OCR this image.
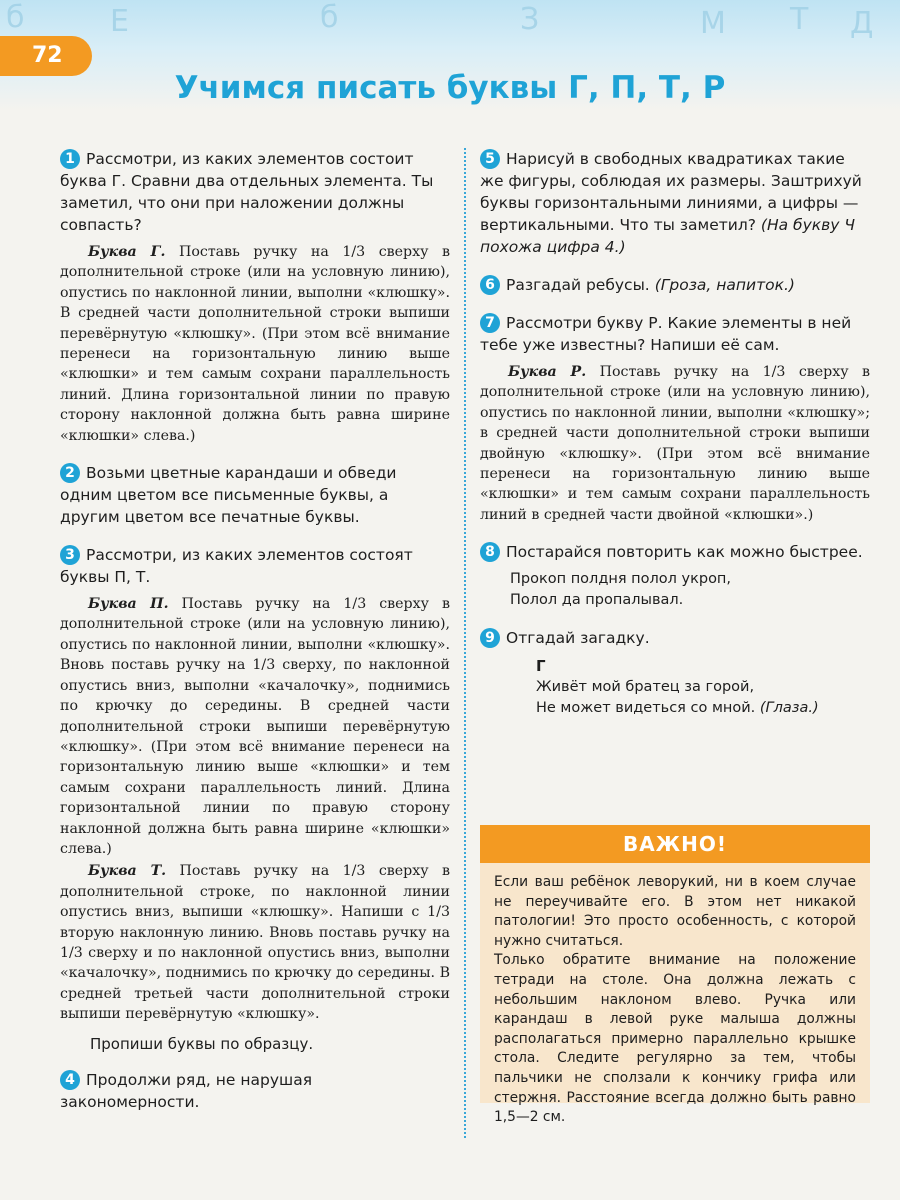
б	Е	б	З	М Т Д
72
Учимся писать буквы Г, П, Т, Р
1 Рассмотри, из каких элементов состоит буква Г. Сравни два отдельных элемента. Ты заметил, что они при наложении должны совпасть?

Буква Г. Поставь ручку на 1/3 сверху в дополнительной строке (или на условную линию), опустись по наклонной линии, выполни «клюшку». В средней части дополнительной строки выпиши перевёрнутую «клюшку». (При этом всё внимание перенеси на горизонтальную линию выше «клюшки» и тем самым сохрани параллельность линий. Длина горизонтальной линии по правую сторону наклонной должна быть равна ширине «клюшки» слева.)

2 Возьми цветные карандаши и обведи одним цветом все письменные буквы, а другим цветом все печатные буквы.
3 Рассмотри, из каких элементов состоят буквы П, Т.

Буква П. Поставь ручку на 1/3 сверху в дополнительной строке (или на условную линию), опустись по наклонной линии, выполни «клюшку». Вновь поставь ручку на 1/3 сверху, по наклонной опустись вниз, выполни «качалочку», поднимись по крючку до середины. В средней части дополнительной строки выпиши перевёрнутую «клюшку». (При этом всё внимание перенеси на горизонтальную линию выше «клюшки» и тем самым сохрани параллельность линий. Длина горизонтальной линии по правую сторону наклонной должна быть равна ширине «клюшки» слева.)

Буква Т. Поставь ручку на 1/3 сверху в дополнительной строке, по наклонной линии опустись вниз, выпиши «клюшку». Напиши с 1/3 вторую наклонную линию. Вновь поставь ручку на 1/3 сверху и по наклонной опустись вниз, выполни «качалочку», поднимись по крючку до середины. В средней третьей части дополнительной строки выпиши перевёрнутую «клюшку».

Пропиши буквы по образцу.
4 Продолжи ряд, не нарушая закономерности.
5 Нарисуй в свободных квадратиках такие же фигуры, соблюдая их размеры. Заштрихуй буквы горизонтальными линиями, а цифры — вертикальными. Что ты заметил? (На букву Ч похожа цифра 4.)
6 Разгадай ребусы. (Гроза, напиток.)
7 Рассмотри букву Р. Какие элементы в ней тебе уже известны? Напиши её сам.

Буква Р. Поставь ручку на 1/3 сверху в дополнительной строке (или на условную линию), опустись по наклонной линии, выполни «клюшку»; в средней части дополнительной строки выпиши двойную «клюшку». (При этом всё внимание перенеси на горизонтальную линию выше «клюшки» и тем самым сохрани параллельность линий в средней части двойной «клюшки».)

8 Постарайся повторить как можно быстрее.
Прокоп полдня полол укроп,
Полол да пропалывал.
9 Отгадай загадку.
Г
Живёт мой братец за горой,
Не может видеться со мной. (Глаза.)
ВАЖНО!
Если ваш ребёнок леворукий, ни в коем случае не переучивайте его. В этом нет никакой патологии! Это просто особенность, с которой нужно считаться.
Только обратите внимание на положение тетради на столе. Она должна лежать с небольшим наклоном влево. Ручка или карандаш в левой руке малыша должны располагаться примерно параллельно крышке стола. Следите регулярно за тем, чтобы пальчики не сползали к кончику грифа или стержня. Расстояние всегда должно быть равно 1,5—2 см.
